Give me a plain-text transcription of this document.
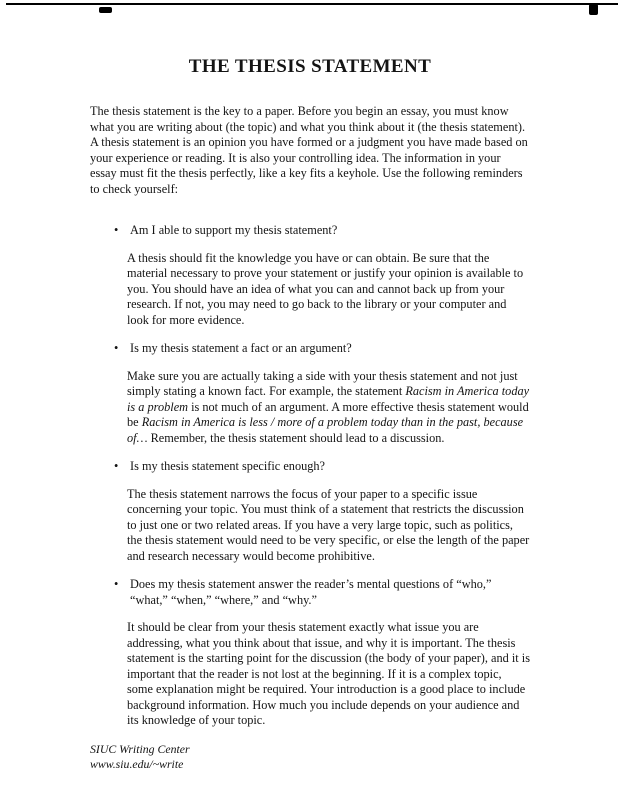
THE THESIS STATEMENT

The thesis statement is the key to a paper. Before you begin an essay, you must know what you are writing about (the topic) and what you think about it (the thesis statement). A thesis statement is an opinion you have formed or a judgment you have made based on your experience or reading. It is also your controlling idea. The information in your essay must fit the thesis perfectly, like a key fits a keyhole. Use the following reminders to check yourself:

•
Am I able to support my thesis statement?

A thesis should fit the knowledge you have or can obtain. Be sure that the material necessary to prove your statement or justify your opinion is available to you. You should have an idea of what you can and cannot back up from your research. If not, you may need to go back to the library or your computer and look for more evidence.

•
Is my thesis statement a fact or an argument?

Make sure you are actually taking a side with your thesis statement and not just simply stating a known fact. For example, the statement Racism in America today is a problem is not much of an argument. A more effective thesis statement would be Racism in America is less / more of a problem today than in the past, because of… Remember, the thesis statement should lead to a discussion.

•
Is my thesis statement specific enough?

The thesis statement narrows the focus of your paper to a specific issue concerning your topic. You must think of a statement that restricts the discussion to just one or two related areas. If you have a very large topic, such as politics, the thesis statement would need to be very specific, or else the length of the paper and research necessary would become prohibitive.

•
Does my thesis statement answer the reader’s mental questions of “who,” “what,” “when,” “where,” and “why.”

It should be clear from your thesis statement exactly what issue you are addressing, what you think about that issue, and why it is important. The thesis statement is the starting point for the discussion (the body of your paper), and it is important that the reader is not lost at the beginning. If it is a complex topic, some explanation might be required. Your introduction is a good place to include background information. How much you include depends on your audience and its knowledge of your topic.

SIUC Writing Center
www.siu.edu/~write
